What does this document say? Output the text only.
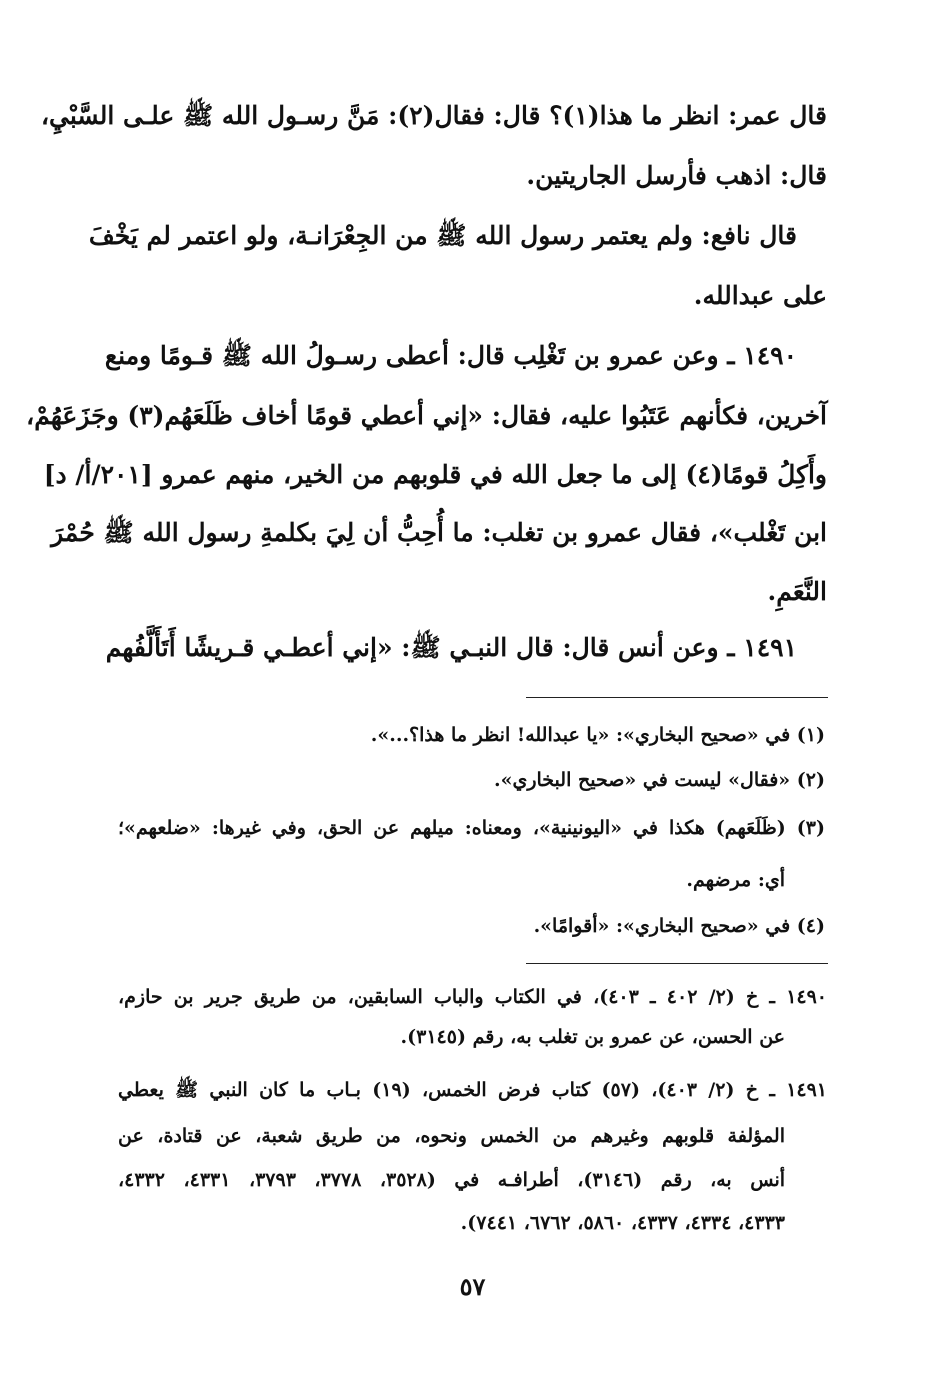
قال عمر: انظر ما هذا(١)؟ قال: فقال(٢): مَنَّ رسـول الله ﷺ علـى السَّبْيِ،
قال: اذهب فأرسل الجاريتين.
قال نافع: ولم يعتمر رسول الله ﷺ من الجِعْرَانـة، ولو اعتمر لم يَخْفَ
على عبدالله.
١٤٩٠ ـ وعن عمرو بن تَغْلِب قال: أعطى رسـولُ الله ﷺ قـومًا ومنع
آخرين، فكأنهم عَتَبُوا عليه، فقال: «إني أعطي قومًا أخاف ظَلَعَهُم(٣) وجَزَعَهُمْ،
وأَكِلُ قومًا(٤) إلى ما جعل الله في قلوبهم من الخير، منهم عمرو [٢٠١/أ/ د]
ابن تَغْلب»، فقال عمرو بن تغلب: ما أُحِبُّ أن لِيَ بكلمةِ رسول الله ﷺ حُمْرَ
النَّعَمِ.
١٤٩١ ـ وعن أنس قال: قال النبـي ﷺ: «إني أعطـي قـريشًا أَتَأَلَّفُهم
(١) في «صحيح البخاري»: «يا عبدالله! انظر ما هذا؟...».
(٢) «فقال» ليست في «صحيح البخاري».
(٣) (ظَلَعَهم) هكذا في «اليونينية»، ومعناه: ميلهم عن الحق، وفي غيرها: «ضلعهم»؛
أي: مرضهم.
(٤) في «صحيح البخاري»: «أقوامًا».
١٤٩٠ ـ خ (٢/ ٤٠٢ ـ ٤٠٣)، في الكتاب والباب السابقين، من طريق جرير بن حازم،
عن الحسن، عن عمرو بن تغلب به، رقم (٣١٤٥).
١٤٩١ ـ خ (٢/ ٤٠٣)، (٥٧) كتاب فرض الخمس، (١٩) بـاب ما كان النبي ﷺ يعطي
المؤلفة قلوبهم وغيرهم من الخمس ونحوه، من طريق شعبة، عن قتادة، عن
أنس به، رقم (٣١٤٦)، أطرافـه في (٣٥٢٨، ٣٧٧٨، ٣٧٩٣، ٤٣٣١، ٤٣٣٢،
٤٣٣٣، ٤٣٣٤، ٤٣٣٧، ٥٨٦٠، ٦٧٦٢، ٧٤٤١).
٥٧
